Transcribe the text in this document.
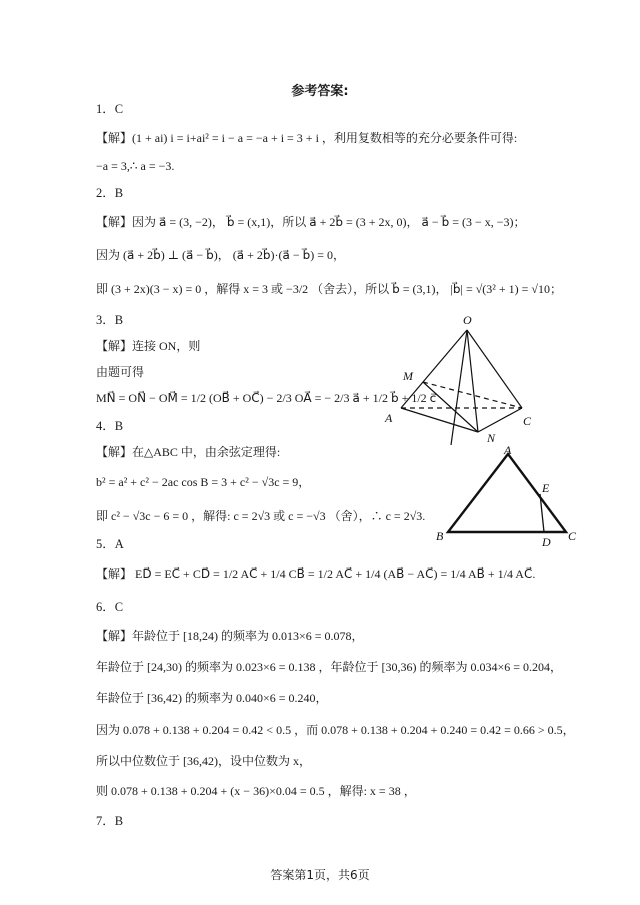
参考答案:
1．C
【解】(1 + ai) i = i+ai² = i − a = −a + i = 3 + i ，利用复数相等的充分必要条件可得:
−a = 3,∴ a = −3.
2．B
【解】因为 a⃗ = (3, −2)， b⃗ = (x,1)，所以 a⃗ + 2b⃗ = (3 + 2x, 0)， a⃗ − b⃗ = (3 − x, −3)；
因为 (a⃗ + 2b⃗) ⊥ (a⃗ − b⃗)， (a⃗ + 2b⃗)·(a⃗ − b⃗) = 0，
即 (3 + 2x)(3 − x) = 0 ，解得 x = 3 或 −3/2 （舍去），所以 b⃗ = (3,1)， |b⃗| = √(3² + 1) = √10；
3．B
【解】连接 ON，则
由题可得
MN⃗ = ON⃗ − OM⃗ = 1/2 (OB⃗ + OC⃗) − 2/3 OA⃗ = − 2/3 a⃗ + 1/2 b⃗ + 1/2 c⃗
4．B
【解】在△ABC 中，由余弦定理得:
b² = a² + c² − 2ac cos B = 3 + c² − √3c = 9，
即 c² − √3c − 6 = 0 ，解得: c = 2√3 或 c = −√3 （舍），∴ c = 2√3.
5．A
【解】 ED⃗ = EC⃗ + CD⃗ = 1/2 AC⃗ + 1/4 CB⃗ = 1/2 AC⃗ + 1/4 (AB⃗ − AC⃗) = 1/4 AB⃗ + 1/4 AC⃗.
6．C
【解】年龄位于 [18,24) 的频率为 0.013×6 = 0.078，
年龄位于 [24,30) 的频率为 0.023×6 = 0.138 ，年龄位于 [30,36) 的频率为 0.034×6 = 0.204，
年龄位于 [36,42) 的频率为 0.040×6 = 0.240，
因为 0.078 + 0.138 + 0.204 = 0.42 < 0.5 ，而 0.078 + 0.138 + 0.204 + 0.240 = 0.42 = 0.66 > 0.5，
所以中位数位于 [36,42)，设中位数为 x，
则 0.078 + 0.138 + 0.204 + (x − 36)×0.04 = 0.5 ，解得: x = 38 ，
7．B
O
M
A
N
C
A
E
B	D C
答案第1页，共6页
